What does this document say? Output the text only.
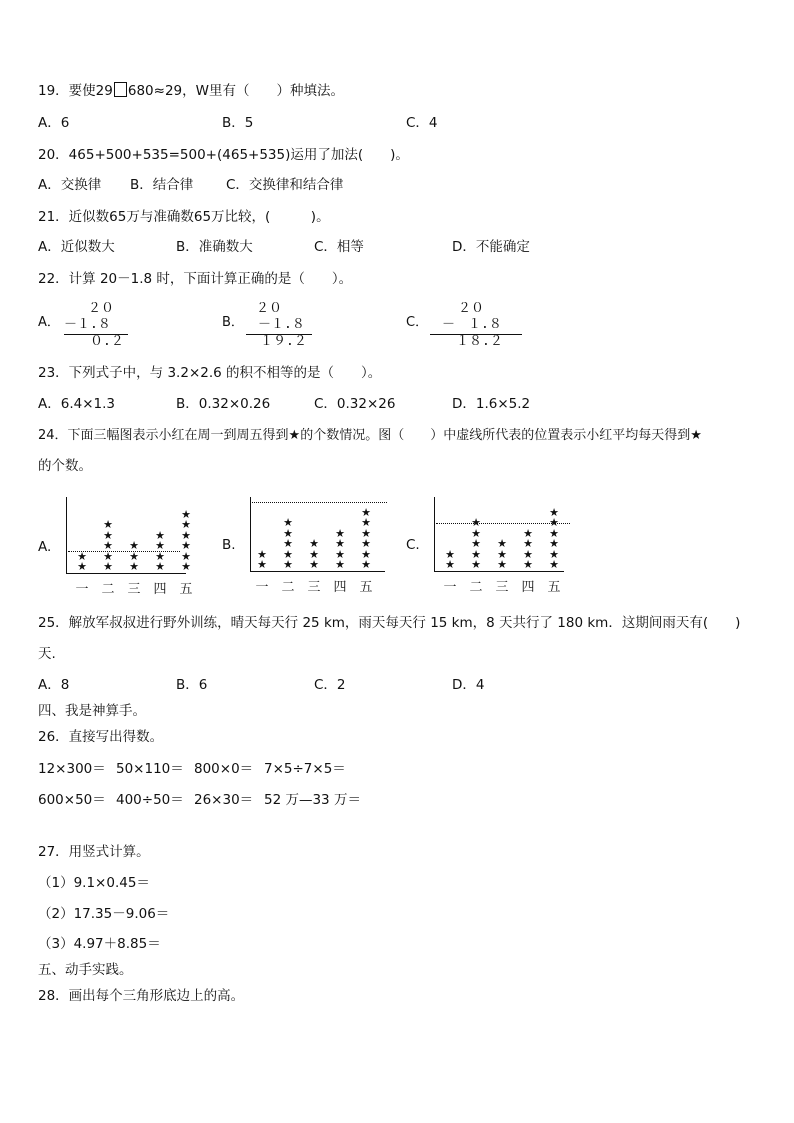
19．要使29 680≈29，W里有（　　）种填法。
A．6	B．5	C．4
20．465+500+535=500+(465+535)运用了加法(　　)。
A．交换律 B．结合律 C．交换律和结合律
21．近似数65万与准确数65万比较，(　　　)。
A．近似数大	B．准确数大	C．相等	D．不能确定
22．计算 20－1.8 时，下面计算正确的是（　　）。
A．
２０
－１.８
０.２
B．
２０
－１.８
１９.２
C．
２０
－　１.８
１８.２
23．下列式子中，与 3.2×2.6 的积不相等的是（　　）。
A．6.4×1.3	B．0.32×0.26	C．0.32×26	D．1.6×5.2
24．下面三幅图表示小红在周一到周五得到★的个数情况。图（　　）中虚线所代表的位置表示小红平均每天得到★
的个数。
A.
★
★
一
★
★
★
★
★
二
★
★
★
三
★
★
★
★
四
★
★
★
★
★
★
五
B.
★
★
一
★
★
★
★
★
二
★
★
★
三
★
★
★
★
四
★
★
★
★
★
★
五
C.
★
★
一
★
★
★
★
★
二
★
★
★
三
★
★
★
★
四
★
★
★
★
★
★
五
25．解放军叔叔进行野外训练，晴天每天行 25 km，雨天每天行 15 km，8 天共行了 180 km．这期间雨天有(　　)
天.
A．8	B．6	C．2	D．4
四、我是神算手。
26．直接写出得数。
12×300＝ 50×110＝ 800×0＝ 7×5÷7×5＝
600×50＝ 400÷50＝ 26×30＝ 52 万—33 万＝
27．用竖式计算。
（1）9.1×0.45＝
（2）17.35－9.06＝
（3）4.97＋8.85＝
五、动手实践。
28．画出每个三角形底边上的高。
